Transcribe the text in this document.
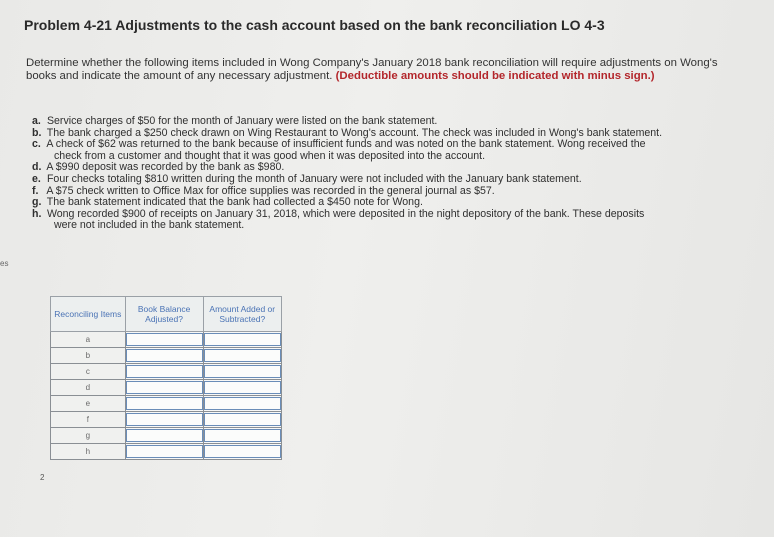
Problem 4-21 Adjustments to the cash account based on the bank reconciliation LO 4-3
Determine whether the following items included in Wong Company's January 2018 bank reconciliation will require adjustments on Wong's books and indicate the amount of any necessary adjustment. (Deductible amounts should be indicated with minus sign.)
a. Service charges of $50 for the month of January were listed on the bank statement.
b. The bank charged a $250 check drawn on Wing Restaurant to Wong's account. The check was included in Wong's bank statement.
c. A check of $62 was returned to the bank because of insufficient funds and was noted on the bank statement. Wong received the
check from a customer and thought that it was good when it was deposited into the account.
d. A $990 deposit was recorded by the bank as $980.
e. Four checks totaling $810 written during the month of January were not included with the January bank statement.
f. A $75 check written to Office Max for office supplies was recorded in the general journal as $57.
g. The bank statement indicated that the bank had collected a $450 note for Wong.
h. Wong recorded $900 of receipts on January 31, 2018, which were deposited in the night depository of the bank. These deposits
were not included in the bank statement.
es
2
Reconciling Items	Book Balance Adjusted?	Amount Added or Subtracted?
a		
b		
c		
d		
e		
f		
g		
h		
